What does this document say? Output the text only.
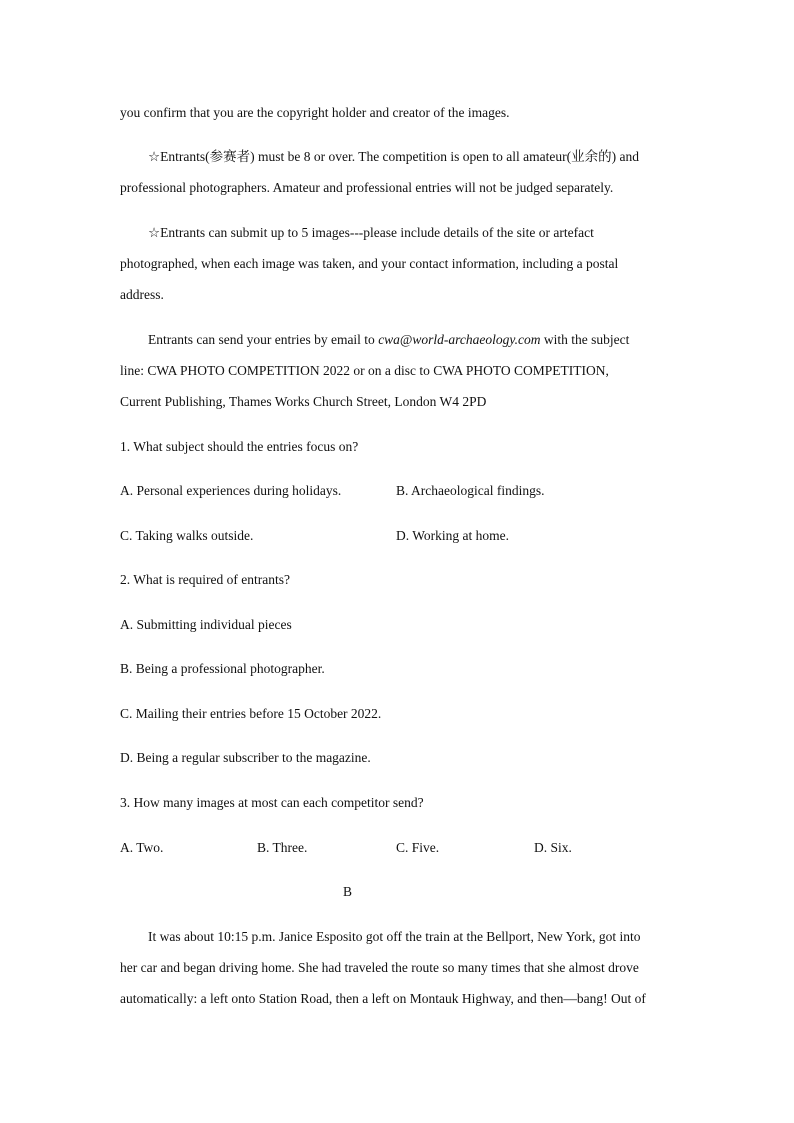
you confirm that you are the copyright holder and creator of the images.
☆Entrants(参赛者) must be 8 or over. The competition is open to all amateur(业余的) and
professional photographers. Amateur and professional entries will not be judged separately.
☆Entrants can submit up to 5 images---please include details of the site or artefact
photographed, when each image was taken, and your contact information, including a postal
address.
Entrants can send your entries by email to cwa@world-archaeology.com with the subject
line: CWA PHOTO COMPETITION 2022 or on a disc to CWA PHOTO COMPETITION,
Current Publishing, Thames Works Church Street, London W4 2PD
1. What subject should the entries focus on?
A. Personal experiences during holidays.	B. Archaeological findings.
C. Taking walks outside.	D. Working at home.
2. What is required of entrants?
A. Submitting individual pieces
B. Being a professional photographer.
C. Mailing their entries before 15 October 2022.
D. Being a regular subscriber to the magazine.
3. How many images at most can each competitor send?
A. Two.	B. Three.	C. Five.	D. Six.
B
It was about 10:15 p.m. Janice Esposito got off the train at the Bellport, New York, got into
her car and began driving home. She had traveled the route so many times that she almost drove
automatically: a left onto Station Road, then a left on Montauk Highway, and then—bang! Out of
